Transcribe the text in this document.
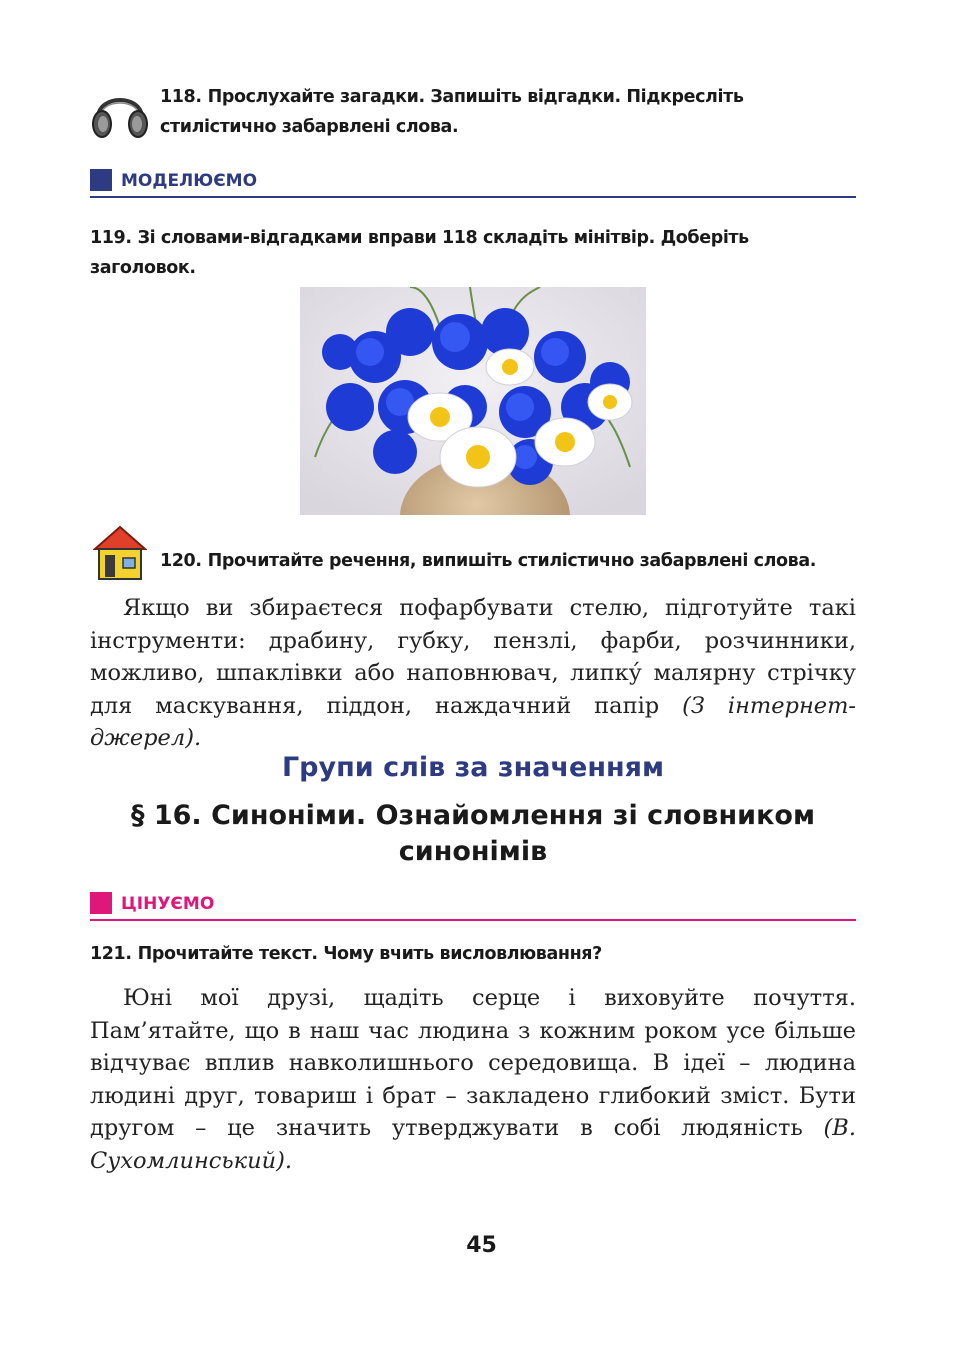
118. Прослухайте загадки. Запишіть відгадки. Підкресліть стилістично забарвлені слова.
МОДЕЛЮЄМО
119. Зі словами-відгадками вправи 118 складіть мінітвір. Доберіть заголовок.
120. Прочитайте речення, випишіть стилістично забарвлені слова.

Якщо ви збираєтеся пофарбувати стелю, підготуйте такі інструменти: драбину, губку, пензлі, фарби, розчинники, можливо, шпаклівки або наповнювач, липку́ малярну стрічку для маскування, піддон, наждачний папір (З інтернет-джерел).

Групи слів за значенням
§ 16. Синоніми. Ознайомлення зі словником синонімів
ЦІНУЄМО
121. Прочитайте текст. Чому вчить висловлювання?

Юні мої друзі, щадіть серце і виховуйте почуття. Пам’ятайте, що в наш час людина з кожним роком усе більше відчуває вплив навколишнього середовища. В ідеї – людина людині друг, товариш і брат – закладено глибокий зміст. Бути другом – це значить утверджувати в собі людяність (В. Сухомлинський).

45
